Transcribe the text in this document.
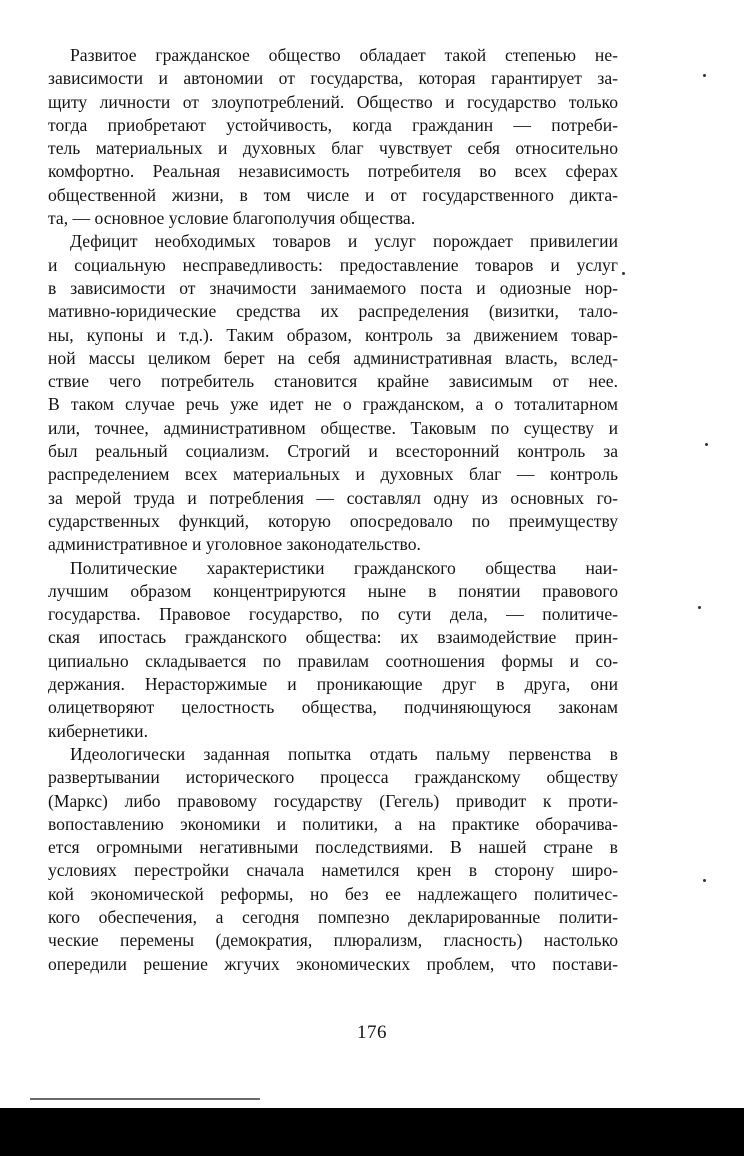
Развитое гражданское общество обладает такой степенью не-
зависимости и автономии от государства, которая гарантирует за-
щиту личности от злоупотреблений. Общество и государство только
тогда приобретают устойчивость, когда гражданин — потреби-
тель материальных и духовных благ чувствует себя относительно
комфортно. Реальная независимость потребителя во всех сферах
общественной жизни, в том числе и от государственного дикта-
та, — основное условие благополучия общества.
Дефицит необходимых товаров и услуг порождает привилегии
и социальную несправедливость: предоставление товаров и услуг
в зависимости от значимости занимаемого поста и одиозные нор-
мативно-юридические средства их распределения (визитки, тало-
ны, купоны и т.д.). Таким образом, контроль за движением товар-
ной массы целиком берет на себя административная власть, вслед-
ствие чего потребитель становится крайне зависимым от нее.
В таком случае речь уже идет не о гражданском, а о тоталитарном
или, точнее, административном обществе. Таковым по существу и
был реальный социализм. Строгий и всесторонний контроль за
распределением всех материальных и духовных благ — контроль
за мерой труда и потребления — составлял одну из основных го-
сударственных функций, которую опосредовало по преимуществу
административное и уголовное законодательство.
Политические характеристики гражданского общества наи-
лучшим образом концентрируются ныне в понятии правового
государства. Правовое государство, по сути дела, — политиче-
ская ипостась гражданского общества: их взаимодействие прин-
ципиально складывается по правилам соотношения формы и со-
держания. Нерасторжимые и проникающие друг в друга, они
олицетворяют целостность общества, подчиняющуюся законам
кибернетики.
Идеологически заданная попытка отдать пальму первенства в
развертывании исторического процесса гражданскому обществу
(Маркс) либо правовому государству (Гегель) приводит к проти-
вопоставлению экономики и политики, а на практике оборачива-
ется огромными негативными последствиями. В нашей стране в
условиях перестройки сначала наметился крен в сторону широ-
кой экономической реформы, но без ее надлежащего политичес-
кого обеспечения, а сегодня помпезно декларированные полити-
ческие перемены (демократия, плюрализм, гласность) настолько
опередили решение жгучих экономических проблем, что постави-
176
